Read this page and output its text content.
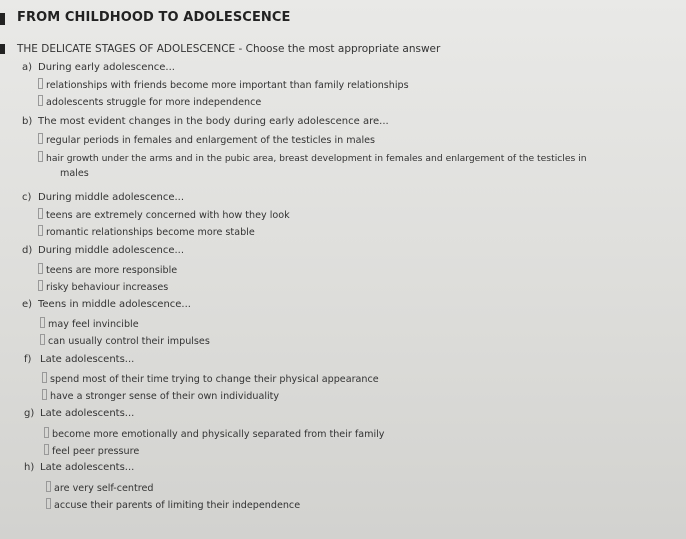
FROM CHILDHOOD TO ADOLESCENCE
THE DELICATE STAGES OF ADOLESCENCE - Choose the most appropriate answer
a) During early adolescence...
relationships with friends become more important than family relationships
adolescents struggle for more independence
b) The most evident changes in the body during early adolescence are...
regular periods in females and enlargement of the testicles in males
hair growth under the arms and in the pubic area, breast development in females and enlargement of the testicles in
males
c) During middle adolescence...
teens are extremely concerned with how they look
romantic relationships become more stable
d) During middle adolescence...
teens are more responsible
risky behaviour increases
e) Teens in middle adolescence...
may feel invincible
can usually control their impulses
f) Late adolescents...
spend most of their time trying to change their physical appearance
have a stronger sense of their own individuality
g) Late adolescents...
become more emotionally and physically separated from their family
feel peer pressure
h) Late adolescents...
are very self-centred
accuse their parents of limiting their independence
